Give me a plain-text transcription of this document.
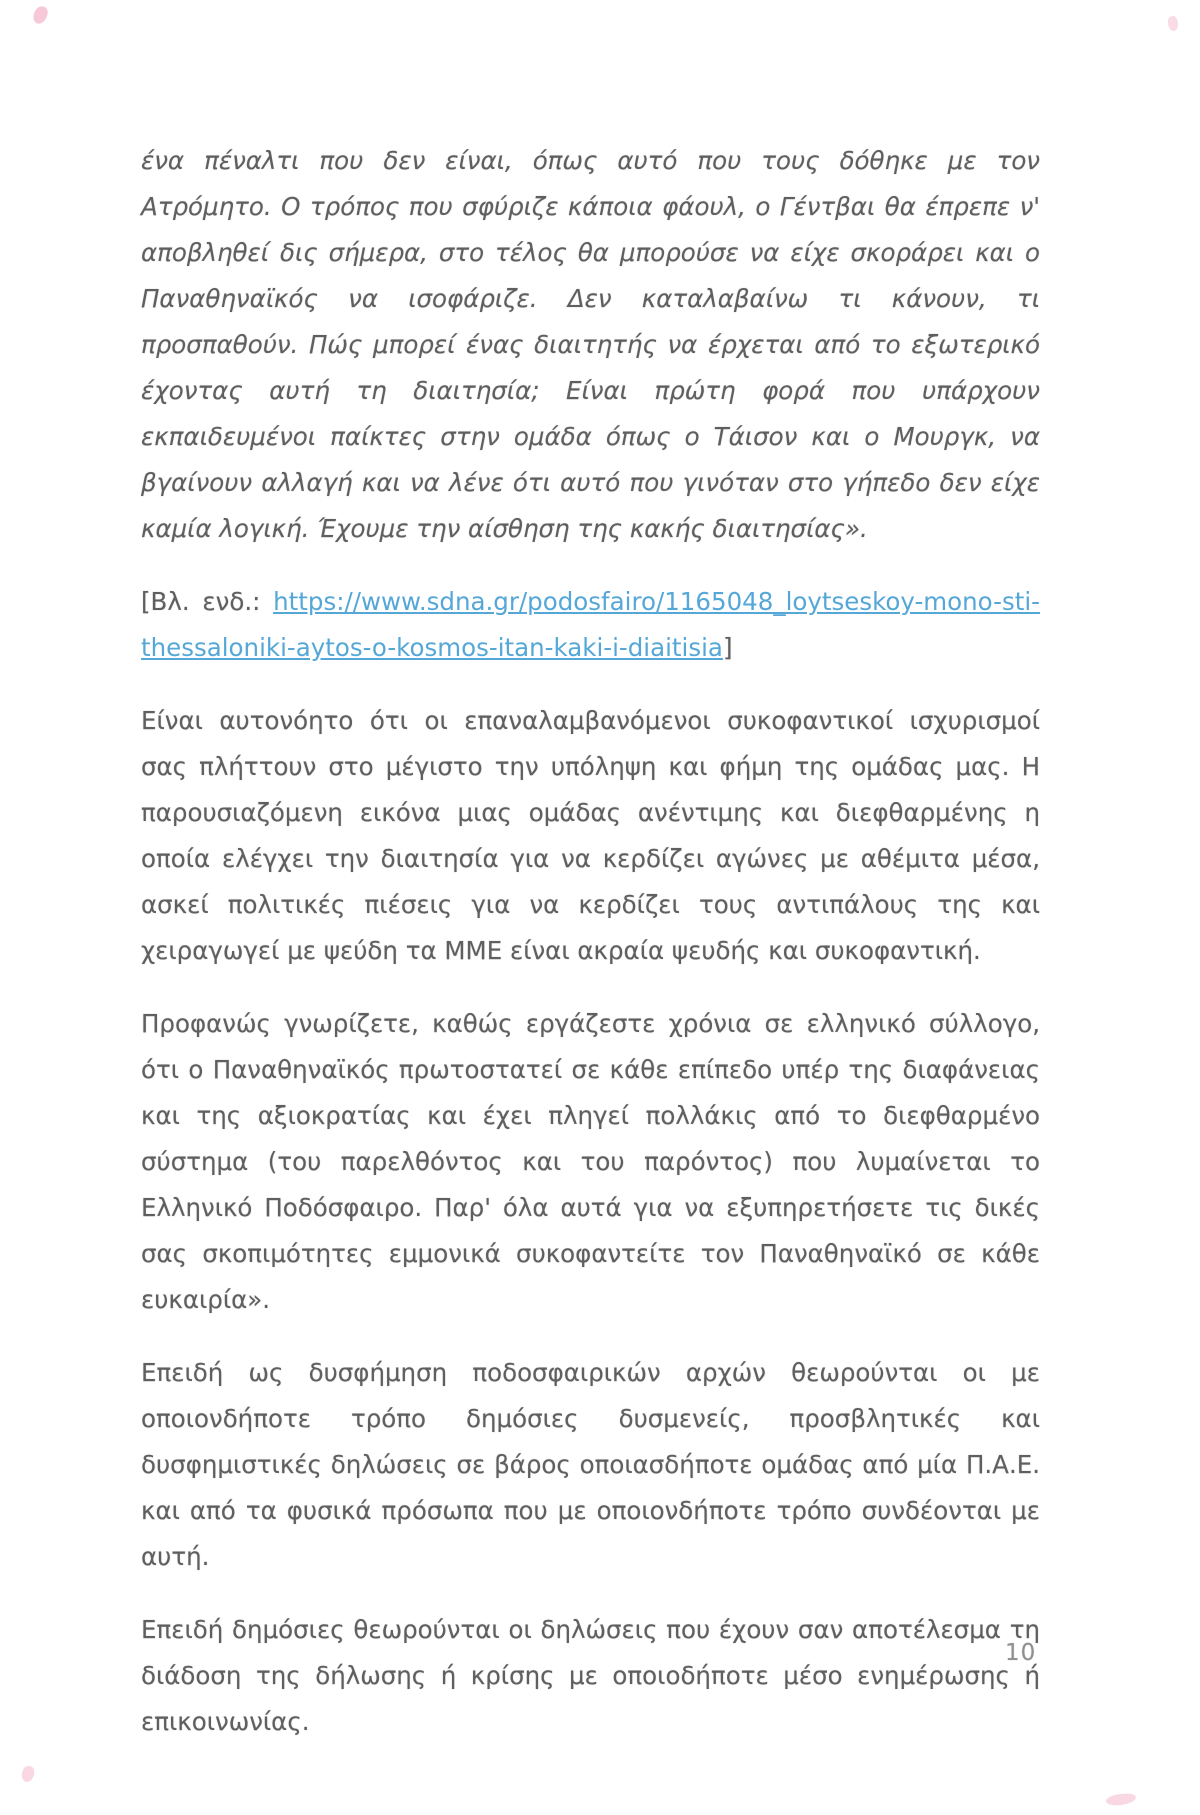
ένα πέναλτι που δεν είναι, όπως αυτό που τους δόθηκε με τον Ατρόμητο. Ο τρόπος που σφύριζε κάποια φάουλ, ο Γέντβαι θα έπρεπε ν' αποβληθεί δις σήμερα, στο τέλος θα μπορούσε να είχε σκοράρει και ο Παναθηναϊκός να ισοφάριζε. Δεν καταλαβαίνω τι κάνουν, τι προσπαθούν. Πώς μπορεί ένας διαιτητής να έρχεται από το εξωτερικό έχοντας αυτή τη διαιτησία; Είναι πρώτη φορά που υπάρχουν εκπαιδευμένοι παίκτες στην ομάδα όπως ο Τάισον και ο Μουργκ, να βγαίνουν αλλαγή και να λένε ότι αυτό που γινόταν στο γήπεδο δεν είχε καμία λογική. Έχουμε την αίσθηση της κακής διαιτησίας».

[Βλ. ενδ.: https://www.sdna.gr/podosfairo/1165048_loytseskoy-mono-sti-thessaloniki-aytos-o-kosmos-itan-kaki-i-diaitisia]

Είναι αυτονόητο ότι οι επαναλαμβανόμενοι συκοφαντικοί ισχυρισμοί σας πλήττουν στο μέγιστο την υπόληψη και φήμη της ομάδας μας. Η παρουσιαζόμενη εικόνα μιας ομάδας ανέντιμης και διεφθαρμένης η οποία ελέγχει την διαιτησία για να κερδίζει αγώνες με αθέμιτα μέσα, ασκεί πολιτικές πιέσεις για να κερδίζει τους αντιπάλους της και χειραγωγεί με ψεύδη τα ΜΜΕ είναι ακραία ψευδής και συκοφαντική.

Προφανώς γνωρίζετε, καθώς εργάζεστε χρόνια σε ελληνικό σύλλογο, ότι ο Παναθηναϊκός πρωτοστατεί σε κάθε επίπεδο υπέρ της διαφάνειας και της αξιοκρατίας και έχει πληγεί πολλάκις από το διεφθαρμένο σύστημα (του παρελθόντος και του παρόντος) που λυμαίνεται το Ελληνικό Ποδόσφαιρο. Παρ' όλα αυτά για να εξυπηρετήσετε τις δικές σας σκοπιμότητες εμμονικά συκοφαντείτε τον Παναθηναϊκό σε κάθε ευκαιρία».

Επειδή ως δυσφήμηση ποδοσφαιρικών αρχών θεωρούνται οι με οποιονδήποτε τρόπο δημόσιες δυσμενείς, προσβλητικές και δυσφημιστικές δηλώσεις σε βάρος οποιασδήποτε ομάδας από μία Π.Α.Ε. και από τα φυσικά πρόσωπα που με οποιονδήποτε τρόπο συνδέονται με αυτή.

Επειδή δημόσιες θεωρούνται οι δηλώσεις που έχουν σαν αποτέλεσμα τη διάδοση της δήλωσης ή κρίσης με οποιοδήποτε μέσο ενημέρωσης ή επικοινωνίας.

10
